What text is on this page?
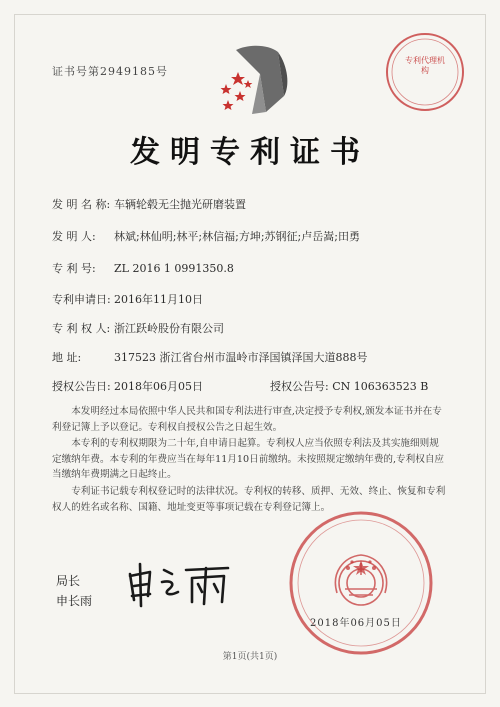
证书号第2949185号
专利代理机构
发明专利证书
发 明 名 称: 车辆轮毂无尘抛光研磨装置
发 明 人: 林斌;林仙明;林平;林信福;方坤;苏钢征;卢岳嵩;田勇
专 利 号: ZL 2016 1 0991350.8
专利申请日: 2016年11月10日
专 利 权 人: 浙江跃岭股份有限公司
地 址:	317523 浙江省台州市温岭市泽国镇泽国大道888号
授权公告日: 2018年06月05日	授权公告号: CN 106363523 B
本发明经过本局依照中华人民共和国专利法进行审查,决定授予专利权,颁发本证书并在专利登记簿上予以登记。专利权自授权公告之日起生效。
本专利的专利权期限为二十年,自申请日起算。专利权人应当依照专利法及其实施细则规定缴纳年费。本专利的年费应当在每年11月10日前缴纳。未按照规定缴纳年费的,专利权自应当缴纳年费期满之日起终止。
专利证书记载专利权登记时的法律状况。专利权的转移、质押、无效、终止、恢复和专利权人的姓名或名称、国籍、地址变更等事项记载在专利登记簿上。
局长
申长雨
2018年06月05日
第1页(共1页)
